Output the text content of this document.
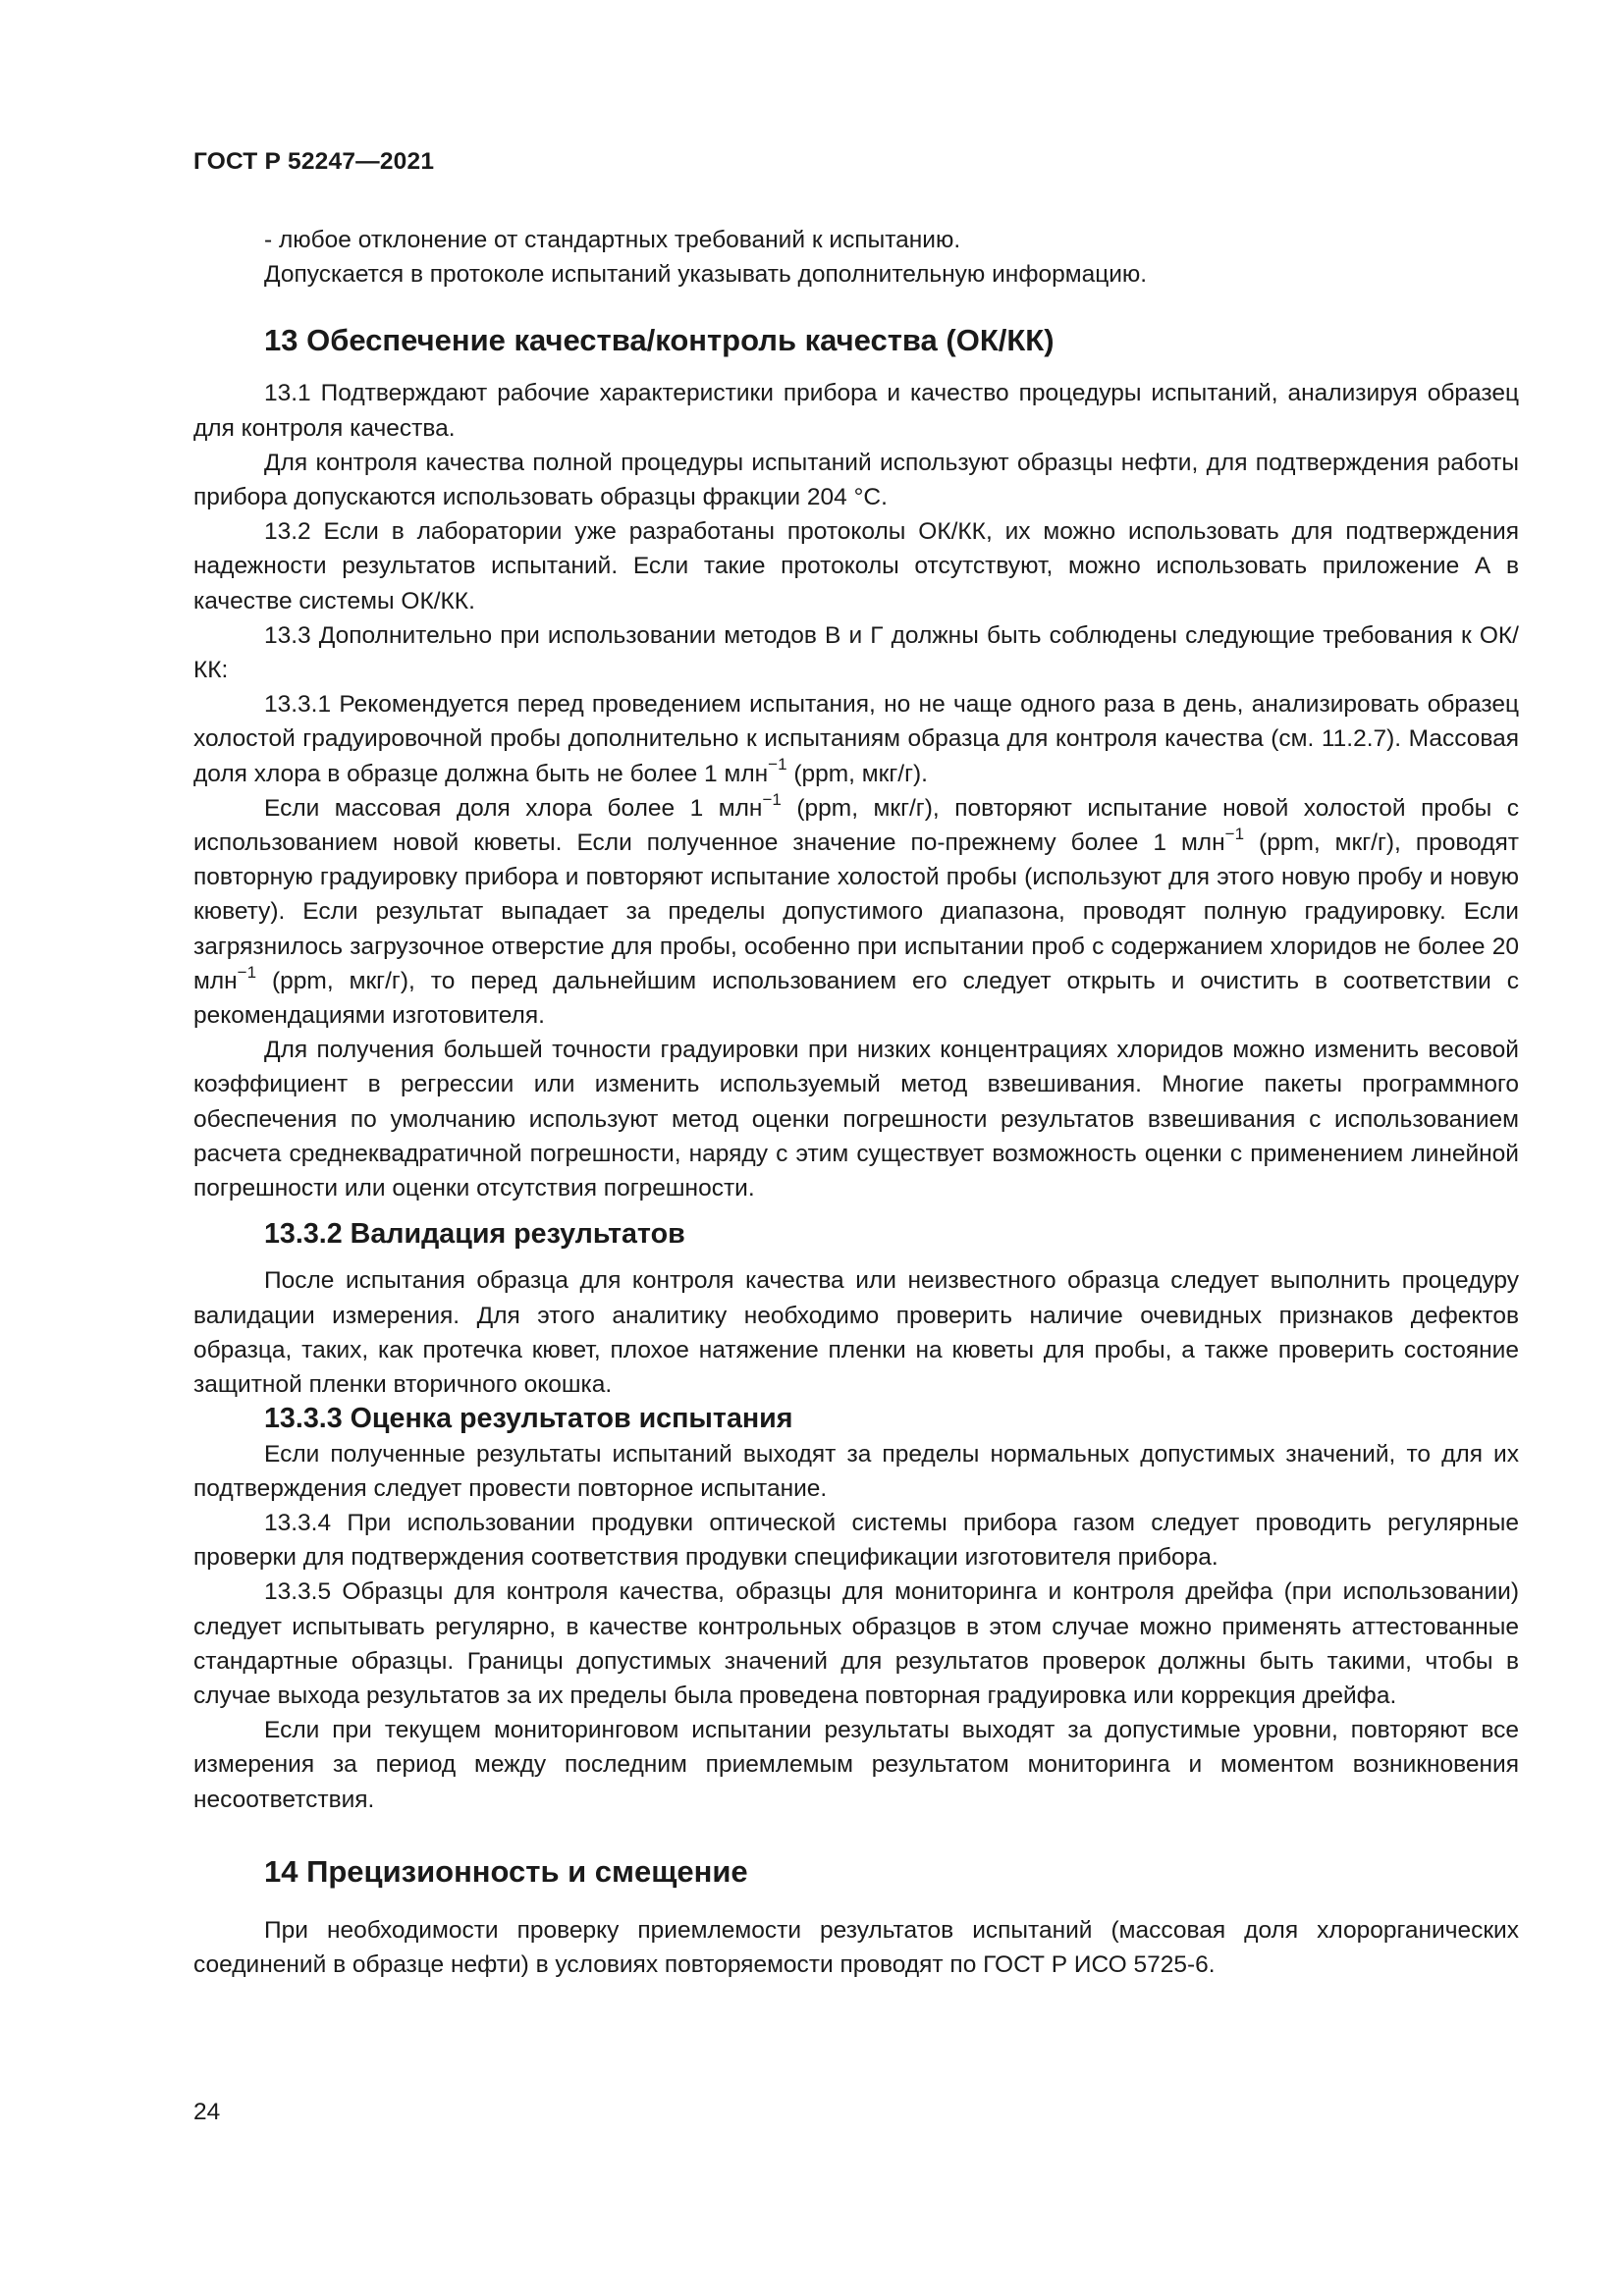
ГОСТ Р 52247—2021

- любое отклонение от стандартных требований к испытанию.

Допускается в протоколе испытаний указывать дополнительную информацию.

13 Обеспечение качества/контроль качества (ОК/КК)

13.1 Подтверждают рабочие характеристики прибора и качество процедуры испытаний, анализируя образец для контроля качества.

Для контроля качества полной процедуры испытаний используют образцы нефти, для подтверждения работы прибора допускаются использовать образцы фракции 204 °С.

13.2 Если в лаборатории уже разработаны протоколы ОК/КК, их можно использовать для подтверждения надежности результатов испытаний. Если такие протоколы отсутствуют, можно использовать приложение А в качестве системы ОК/КК.

13.3 Дополнительно при использовании методов В и Г должны быть соблюдены следующие требования к ОК/КК:

13.3.1 Рекомендуется перед проведением испытания, но не чаще одного раза в день, анализировать образец холостой градуировочной пробы дополнительно к испытаниям образца для контроля качества (см. 11.2.7). Массовая доля хлора в образце должна быть не более 1 млн$^{-1}$ (ppm, мкг/г).

Если массовая доля хлора более 1 млн$^{-1}$ (ppm, мкг/г), повторяют испытание новой холостой пробы с использованием новой кюветы. Если полученное значение по-прежнему более 1 млн$^{-1}$ (ppm, мкг/г), проводят повторную градуировку прибора и повторяют испытание холостой пробы (используют для этого новую пробу и новую кювету). Если результат выпадает за пределы допустимого диапазона, проводят полную градуировку. Если загрязнилось загрузочное отверстие для пробы, особенно при испытании проб с содержанием хлоридов не более 20 млн$^{-1}$ (ppm, мкг/г), то перед дальнейшим использованием его следует открыть и очистить в соответствии с рекомендациями изготовителя.

Для получения большей точности градуировки при низких концентрациях хлоридов можно изменить весовой коэффициент в регрессии или изменить используемый метод взвешивания. Многие пакеты программного обеспечения по умолчанию используют метод оценки погрешности результатов взвешивания с использованием расчета среднеквадратичной погрешности, наряду с этим существует возможность оценки с применением линейной погрешности или оценки отсутствия погрешности.

13.3.2 Валидация результатов

После испытания образца для контроля качества или неизвестного образца следует выполнить процедуру валидации измерения. Для этого аналитику необходимо проверить наличие очевидных признаков дефектов образца, таких, как протечка кювет, плохое натяжение пленки на кюветы для пробы, а также проверить состояние защитной пленки вторичного окошка.

13.3.3 Оценка результатов испытания

Если полученные результаты испытаний выходят за пределы нормальных допустимых значений, то для их подтверждения следует провести повторное испытание.

13.3.4 При использовании продувки оптической системы прибора газом следует проводить регулярные проверки для подтверждения соответствия продувки спецификации изготовителя прибора.

13.3.5 Образцы для контроля качества, образцы для мониторинга и контроля дрейфа (при использовании) следует испытывать регулярно, в качестве контрольных образцов в этом случае можно применять аттестованные стандартные образцы. Границы допустимых значений для результатов проверок должны быть такими, чтобы в случае выхода результатов за их пределы была проведена повторная градуировка или коррекция дрейфа.

Если при текущем мониторинговом испытании результаты выходят за допустимые уровни, повторяют все измерения за период между последним приемлемым результатом мониторинга и моментом возникновения несоответствия.

14 Прецизионность и смещение

При необходимости проверку приемлемости результатов испытаний (массовая доля хлорорганических соединений в образце нефти) в условиях повторяемости проводят по ГОСТ Р ИСО 5725-6.

24
